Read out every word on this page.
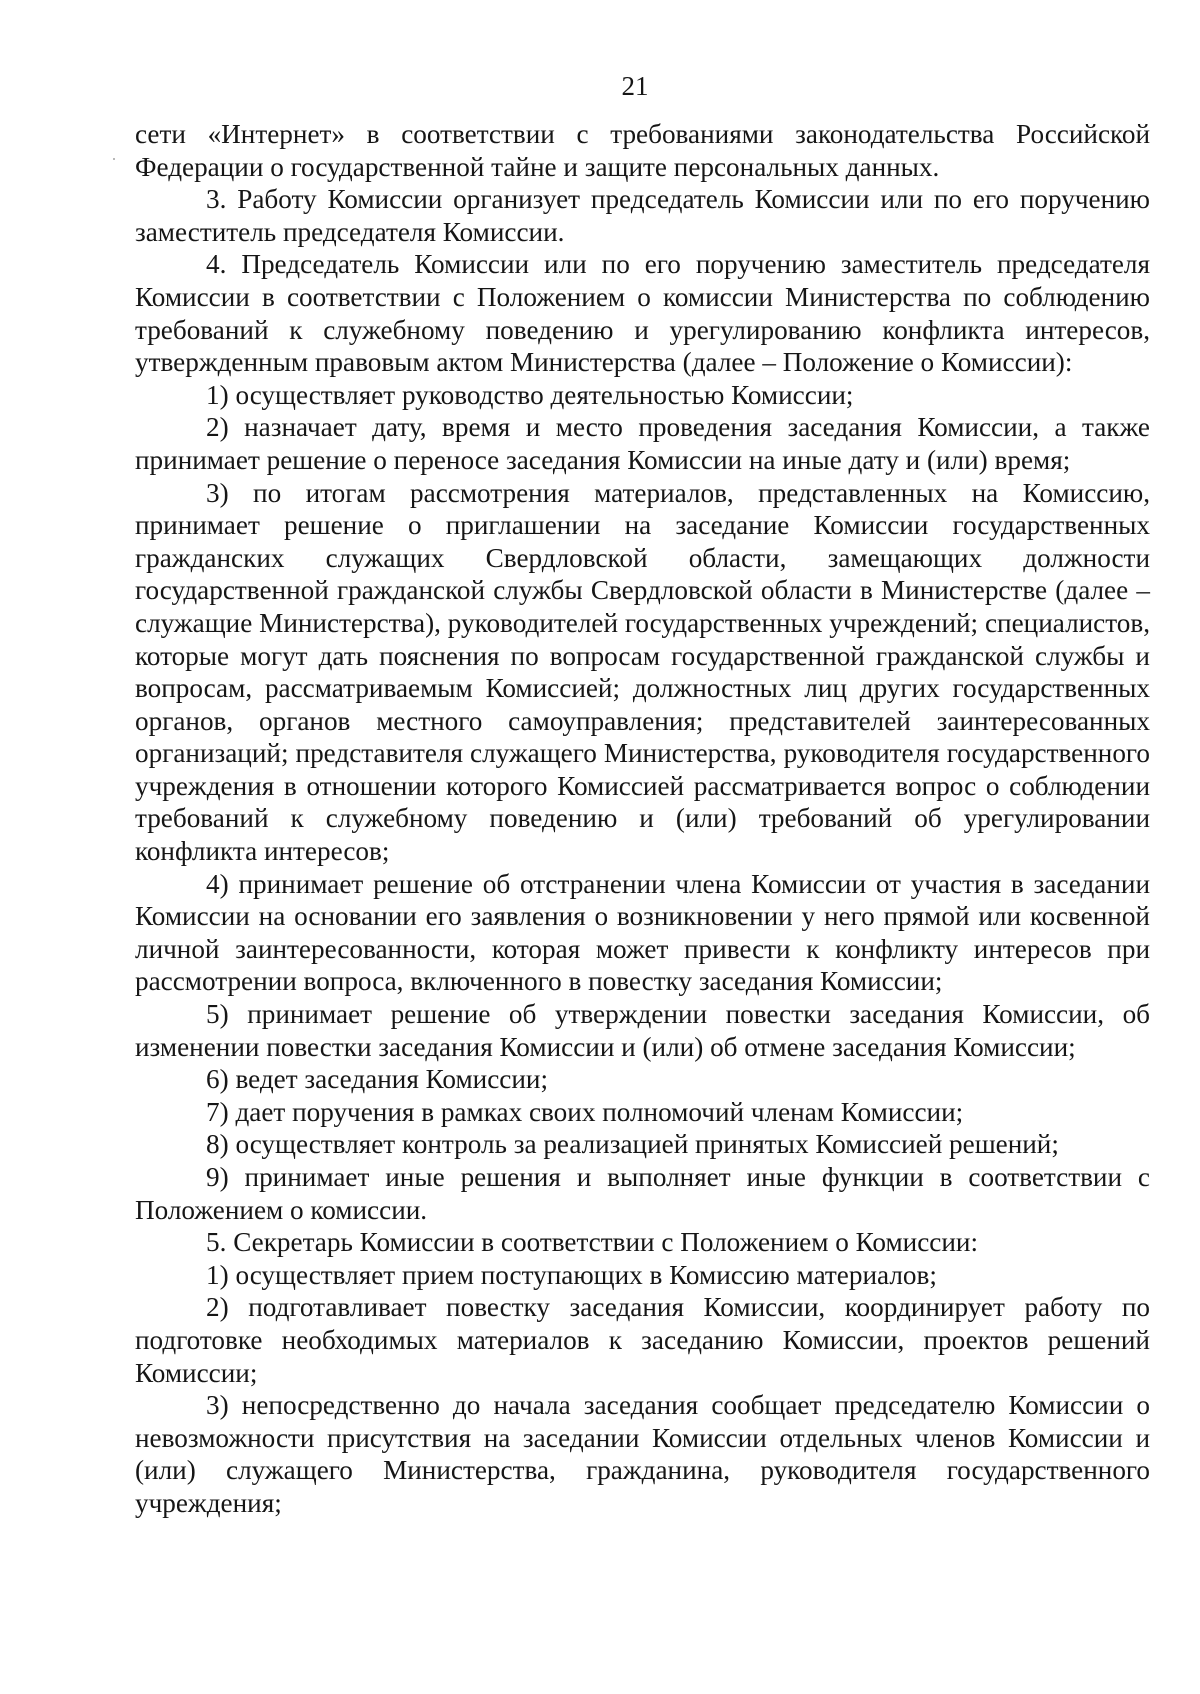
21

сети «Интернет» в соответствии с требованиями законодательства Российской Федерации о государственной тайне и защите персональных данных.

3. Работу Комиссии организует председатель Комиссии или по его поручению заместитель председателя Комиссии.

4. Председатель Комиссии или по его поручению заместитель председателя Комиссии в соответствии с Положением о комиссии Министерства по соблюдению требований к служебному поведению и урегулированию конфликта интересов, утвержденным правовым актом Министерства (далее – Положение о Комиссии):

1) осуществляет руководство деятельностью Комиссии;

2) назначает дату, время и место проведения заседания Комиссии, а также принимает решение о переносе заседания Комиссии на иные дату и (или) время;

3) по итогам рассмотрения материалов, представленных на Комиссию, принимает решение о приглашении на заседание Комиссии государственных гражданских служащих Свердловской области, замещающих должности государственной гражданской службы Свердловской области в Министерстве (далее – служащие Министерства), руководителей государственных учреждений; специалистов, которые могут дать пояснения по вопросам государственной гражданской службы и вопросам, рассматриваемым Комиссией; должностных лиц других государственных органов, органов местного самоуправления; представителей заинтересованных организаций; представителя служащего Министерства, руководителя государственного учреждения в отношении которого Комиссией рассматривается вопрос о соблюдении требований к служебному поведению и (или) требований об урегулировании конфликта интересов;

4) принимает решение об отстранении члена Комиссии от участия в заседании Комиссии на основании его заявления о возникновении у него прямой или косвенной личной заинтересованности, которая может привести к конфликту интересов при рассмотрении вопроса, включенного в повестку заседания Комиссии;

5) принимает решение об утверждении повестки заседания Комиссии, об изменении повестки заседания Комиссии и (или) об отмене заседания Комиссии;

6) ведет заседания Комиссии;

7) дает поручения в рамках своих полномочий членам Комиссии;

8) осуществляет контроль за реализацией принятых Комиссией решений;

9) принимает иные решения и выполняет иные функции в соответствии с Положением о комиссии.

5. Секретарь Комиссии в соответствии с Положением о Комиссии:

1) осуществляет прием поступающих в Комиссию материалов;

2) подготавливает повестку заседания Комиссии, координирует работу по подготовке необходимых материалов к заседанию Комиссии, проектов решений Комиссии;

3) непосредственно до начала заседания сообщает председателю Комиссии о невозможности присутствия на заседании Комиссии отдельных членов Комиссии и (или) служащего Министерства, гражданина, руководителя государственного учреждения;
